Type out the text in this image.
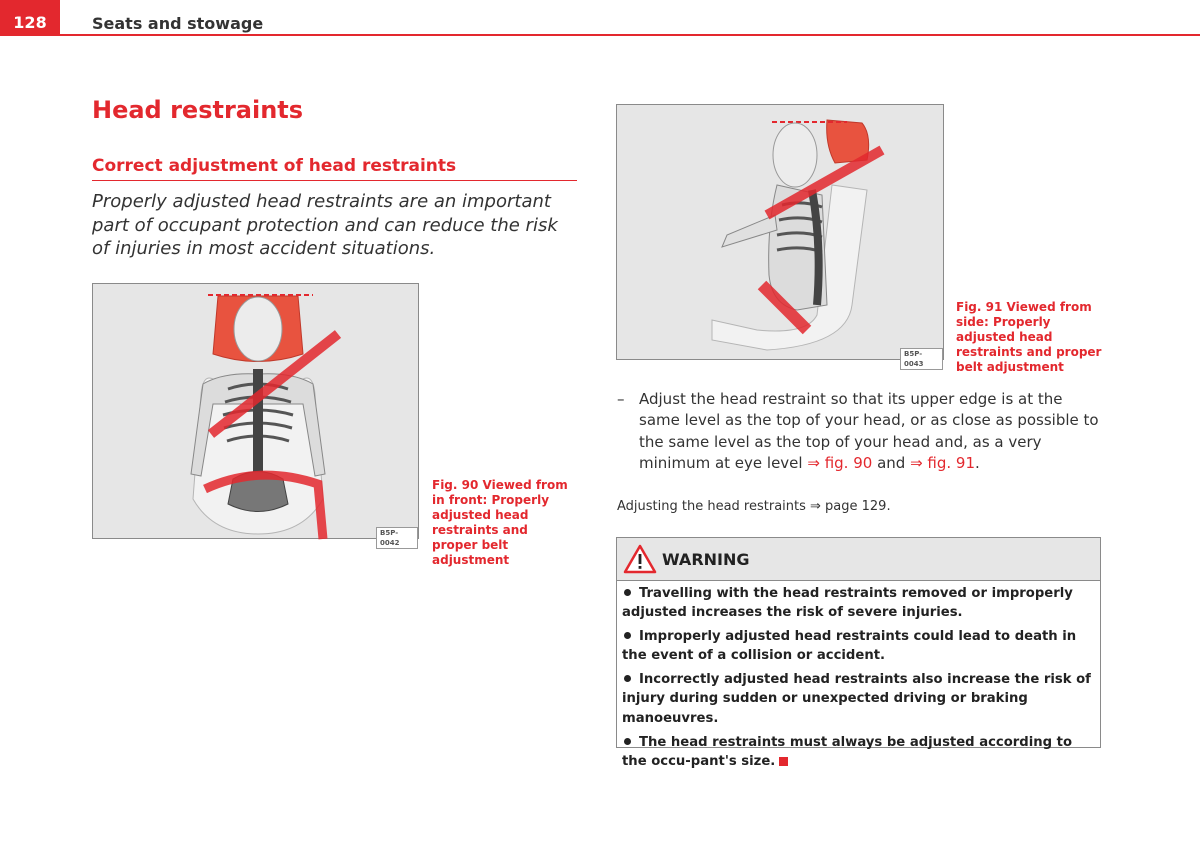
128	Seats and stowage
Head restraints
Correct adjustment of head restraints
Properly adjusted head restraints are an important part of occupant protection and can reduce the risk of injuries in most accident situations.
B5P-0042
Fig. 90 Viewed from in front: Properly adjusted head restraints and proper belt adjustment
B5P-0043
Fig. 91 Viewed from side: Properly adjusted head restraints and proper belt adjustment
– Adjust the head restraint so that its upper edge is at the same level as the top of your head, or as close as possible to the same level as the top of your head and, as a very minimum at eye level ⇒ fig. 90 and ⇒ fig. 91.
Adjusting the head restraints ⇒ page 129.
WARNING
Travelling with the head restraints removed or improperly adjusted increases the risk of severe injuries.
Improperly adjusted head restraints could lead to death in the event of a collision or accident.
Incorrectly adjusted head restraints also increase the risk of injury during sudden or unexpected driving or braking manoeuvres.
The head restraints must always be adjusted according to the occu-pant's size.
